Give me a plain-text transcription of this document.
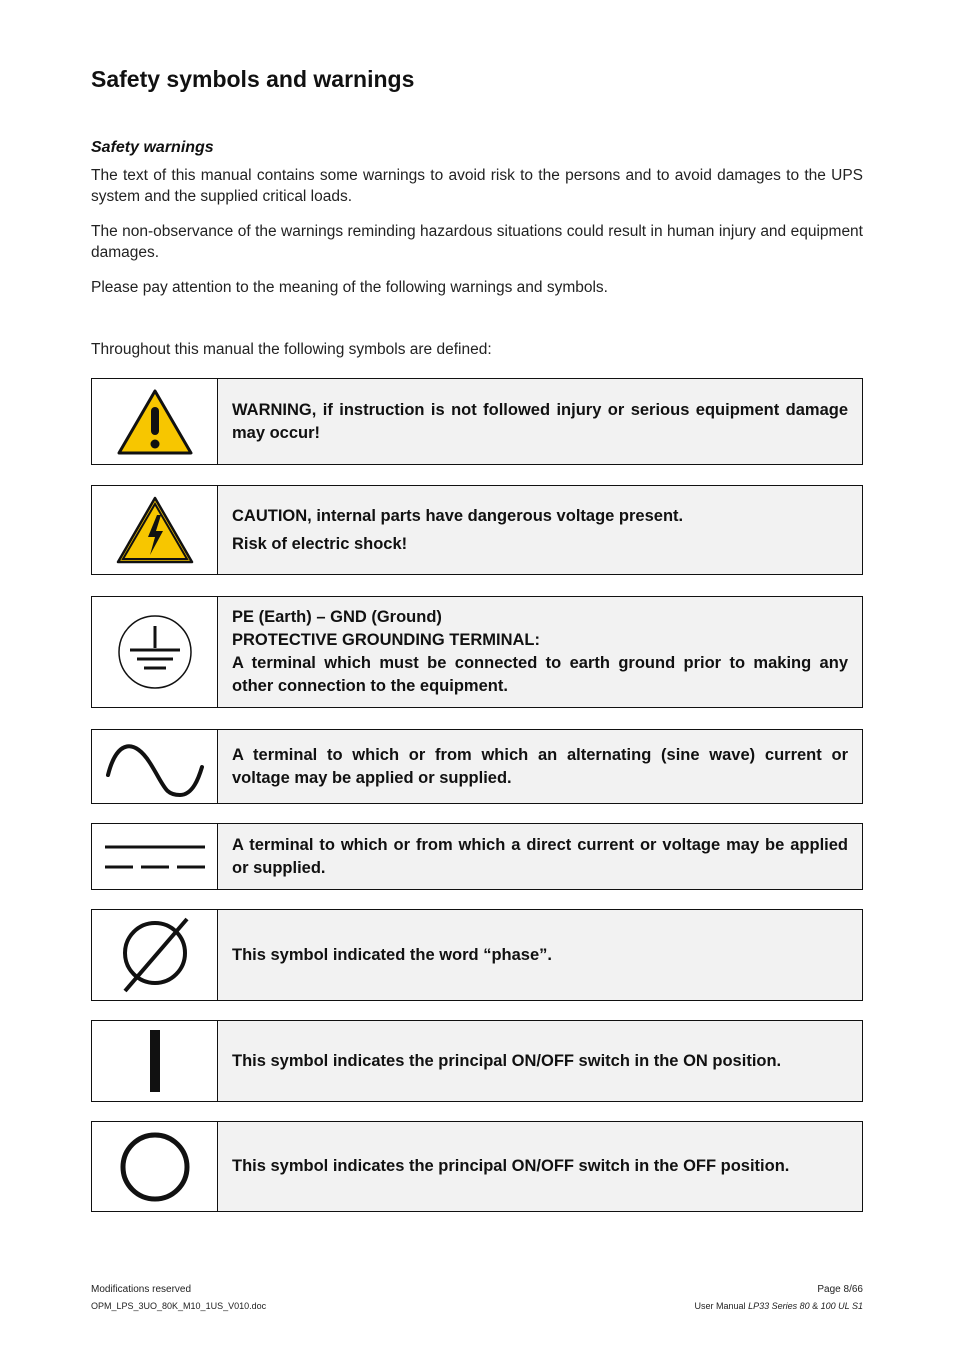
Safety symbols and warnings
Safety warnings

The text of this manual contains some warnings to avoid risk to the persons and to avoid damages to the UPS system and the supplied critical loads.

The non-observance of the warnings reminding hazardous situations could result in human injury and equipment damages.

Please pay attention to the meaning of the following warnings and symbols.

Throughout this manual the following symbols are defined:

WARNING, if instruction is not followed injury or serious equipment damage may occur!
CAUTION, internal parts have dangerous voltage present.
Risk of electric shock!
PE (Earth) – GND (Ground)
PROTECTIVE GROUNDING TERMINAL:
A terminal which must be connected to earth ground prior to making any other connection to the equipment.
A terminal to which or from which an alternating (sine wave) current or voltage may be applied or supplied.
A terminal to which or from which a direct current or voltage may be applied or supplied.
This symbol indicated the word “phase”.
This symbol indicates the principal ON/OFF switch in the ON position.
This symbol indicates the principal ON/OFF switch in the OFF position.
Modifications reserved
OPM_LPS_3UO_80K_M10_1US_V010.doc
Page 8/66
User Manual LP33 Series 80 & 100 UL S1
